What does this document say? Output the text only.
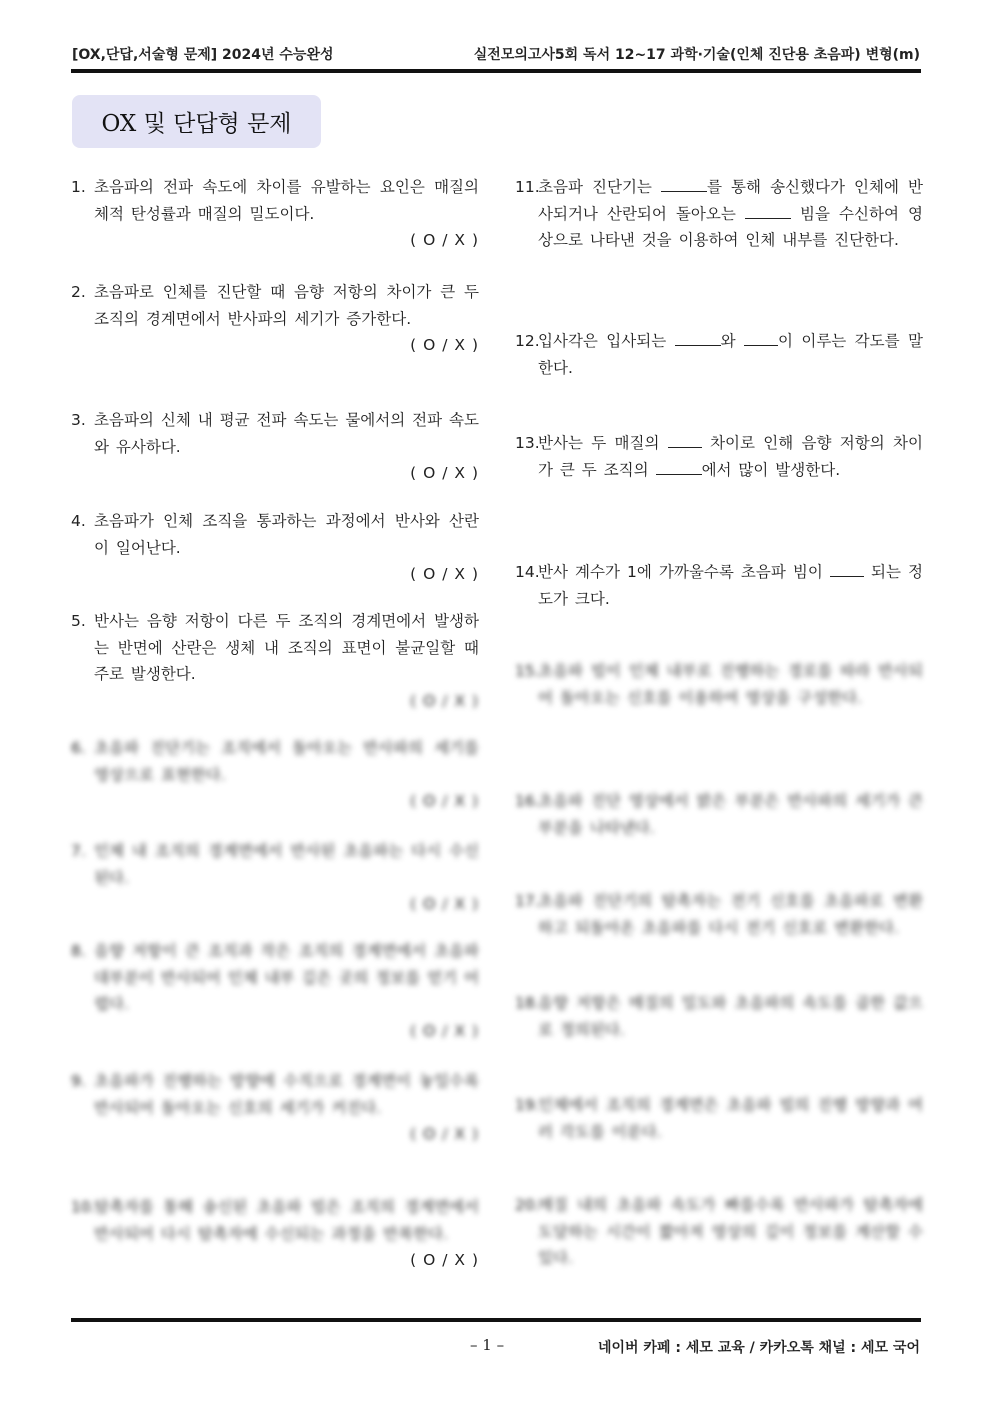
[OX,단답,서술형 문제] 2024년 수능완성	실전모의고사5회 독서 12~17 과학·기술(인체 진단용 초음파) 변형(m)
OX 및 단답형 문제
1. 초음파의 전파 속도에 차이를 유발하는 요인은 매질의 체적 탄성률과 매질의 밀도이다.
( O / X )
2. 초음파로 인체를 진단할 때 음향 저항의 차이가 큰 두 조직의 경계면에서 반사파의 세기가 증가한다.
( O / X )
3. 초음파의 신체 내 평균 전파 속도는 물에서의 전파 속도와 유사하다.
( O / X )
4. 초음파가 인체 조직을 통과하는 과정에서 반사와 산란이 일어난다.
( O / X )
5. 반사는 음향 저항이 다른 두 조직의 경계면에서 발생하는 반면에 산란은 생체 내 조직의 표면이 불균일할 때 주로 발생한다.
( O / X )
6. 초음파 진단기는 조직에서 돌아오는 반사파의 세기를 영상으로 표현한다.
( O / X )
7. 인체 내 조직의 경계면에서 반사된 초음파는 다시 수신된다.
( O / X )
8. 음향 저항이 큰 조직과 작은 조직의 경계면에서 초음파 대부분이 반사되어 인체 내부 깊은 곳의 정보를 얻기 어렵다.
( O / X )
9. 초음파가 진행하는 방향에 수직으로 경계면이 놓일수록 반사되어 돌아오는 신호의 세기가 커진다.
( O / X )
10.탐촉자를 통해 송신된 초음파 빔은 조직의 경계면에서 반사되어 다시 탐촉자에 수신되는 과정을 반복한다.
( O / X )
11.초음파 진단기는	를 통해 송신했다가 인체에 반사되거나 산란되어 돌아오는	빔을 수신하여 영상으로 나타낸 것을 이용하여 인체 내부를 진단한다.
12.입사각은 입사되는	와	이 이루는 각도를 말한다.
13.반사는 두 매질의	차이로 인해 음향 저항의 차이가 큰 두 조직의	에서 많이 발생한다.
14.반사 계수가 1에 가까울수록 초음파 빔이	되는 정도가 크다.
15.초음파 빔이 인체 내부로 진행하는 경로를 따라 반사되어 돌아오는 신호를 이용하여 영상을 구성한다.
16.초음파 진단 영상에서 밝은 부분은 반사파의 세기가 큰 부분을 나타낸다.
17.초음파 진단기의 탐촉자는 전기 신호를 초음파로 변환하고 되돌아온 초음파를 다시 전기 신호로 변환한다.
18.음향 저항은 매질의 밀도와 초음파의 속도를 곱한 값으로 정의된다.
19.인체에서 조직의 경계면은 초음파 빔의 진행 방향과 여러 각도를 이룬다.
20.매질 내의 초음파 속도가 빠를수록 반사파가 탐촉자에 도달하는 시간이 짧아져 영상의 깊이 정보를 계산할 수 있다.
– 1 –	네이버 카페 : 세모 교육 / 카카오톡 채널 : 세모 국어
